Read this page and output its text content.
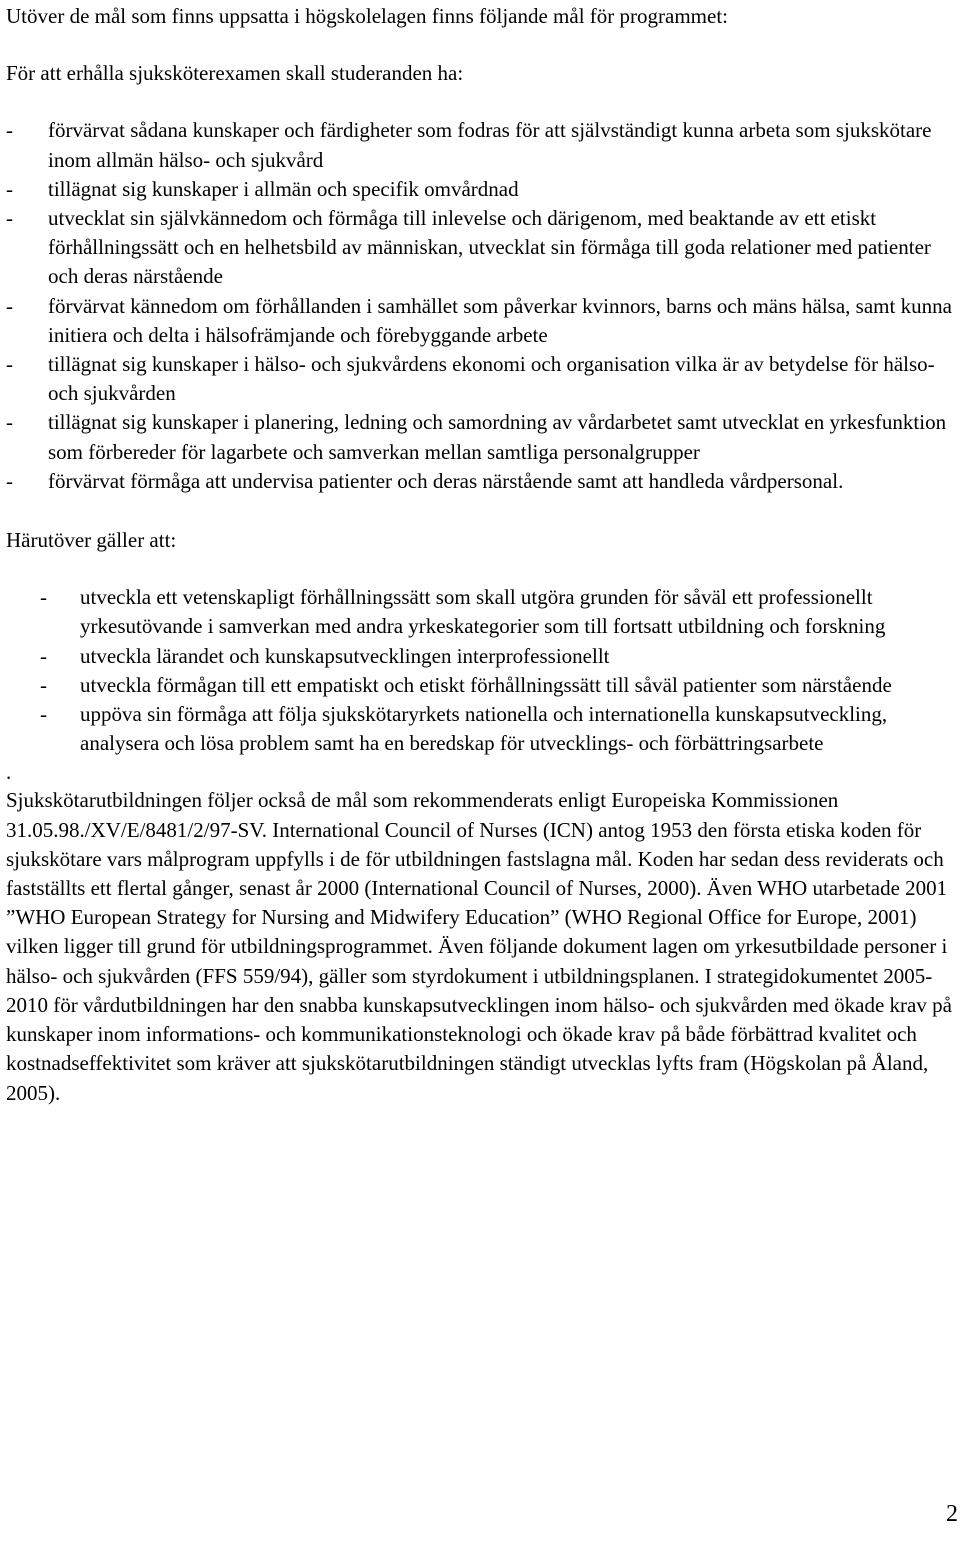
Utöver de mål som finns uppsatta i högskolelagen finns följande mål för programmet:

För att erhålla sjuksköterexamen skall studeranden ha:

- förvärvat sådana kunskaper och färdigheter som fodras för att självständigt kunna arbeta som sjukskötare inom allmän hälso- och sjukvård
- tillägnat sig kunskaper i allmän och specifik omvårdnad
- utvecklat sin självkännedom och förmåga till inlevelse och därigenom, med beaktande av ett etiskt förhållningssätt och en helhetsbild av människan, utvecklat sin förmåga till goda relationer med patienter och deras närstående
- förvärvat kännedom om förhållanden i samhället som påverkar kvinnors, barns och mäns hälsa, samt kunna initiera och delta i hälsofrämjande och förebyggande arbete
- tillägnat sig kunskaper i hälso- och sjukvårdens ekonomi och organisation vilka är av betydelse för hälso- och sjukvården
- tillägnat sig kunskaper i planering, ledning och samordning av vårdarbetet samt utvecklat en yrkesfunktion som förbereder för lagarbete och samverkan mellan samtliga personalgrupper
- förvärvat förmåga att undervisa patienter och deras närstående samt att handleda vårdpersonal.

Härutöver gäller att:

- utveckla ett vetenskapligt förhållningssätt som skall utgöra grunden för såväl ett professionellt yrkesutövande i samverkan med andra yrkeskategorier som till fortsatt utbildning och forskning
- utveckla lärandet och kunskapsutvecklingen interprofessionellt
- utveckla förmågan till ett empatiskt och etiskt förhållningssätt till såväl patienter som närstående
- uppöva sin förmåga att följa sjukskötaryrkets nationella och internationella kunskapsutveckling, analysera och lösa problem samt ha en beredskap för utvecklings- och förbättringsarbete

.

Sjukskötarutbildningen följer också de mål som rekommenderats enligt Europeiska Kommissionen 31.05.98./XV/E/8481/2/97-SV. International Council of Nurses (ICN) antog 1953 den första etiska koden för sjukskötare vars målprogram uppfylls i de för utbildningen fastslagna mål. Koden har sedan dess reviderats och fastställts ett flertal gånger, senast år 2000 (International Council of Nurses, 2000). Även WHO utarbetade 2001 ”WHO European Strategy for Nursing and Midwifery Education” (WHO Regional Office for Europe, 2001) vilken ligger till grund för utbildningsprogrammet. Även följande dokument lagen om yrkesutbildade personer i hälso- och sjukvården (FFS 559/94), gäller som styrdokument i utbildningsplanen. I strategidokumentet 2005-2010 för vårdutbildningen har den snabba kunskapsutvecklingen inom hälso- och sjukvården med ökade krav på kunskaper inom informations- och kommunikationsteknologi och ökade krav på både förbättrad kvalitet och kostnadseffektivitet som kräver att sjukskötarutbildningen ständigt utvecklas lyfts fram (Högskolan på Åland, 2005).

2
